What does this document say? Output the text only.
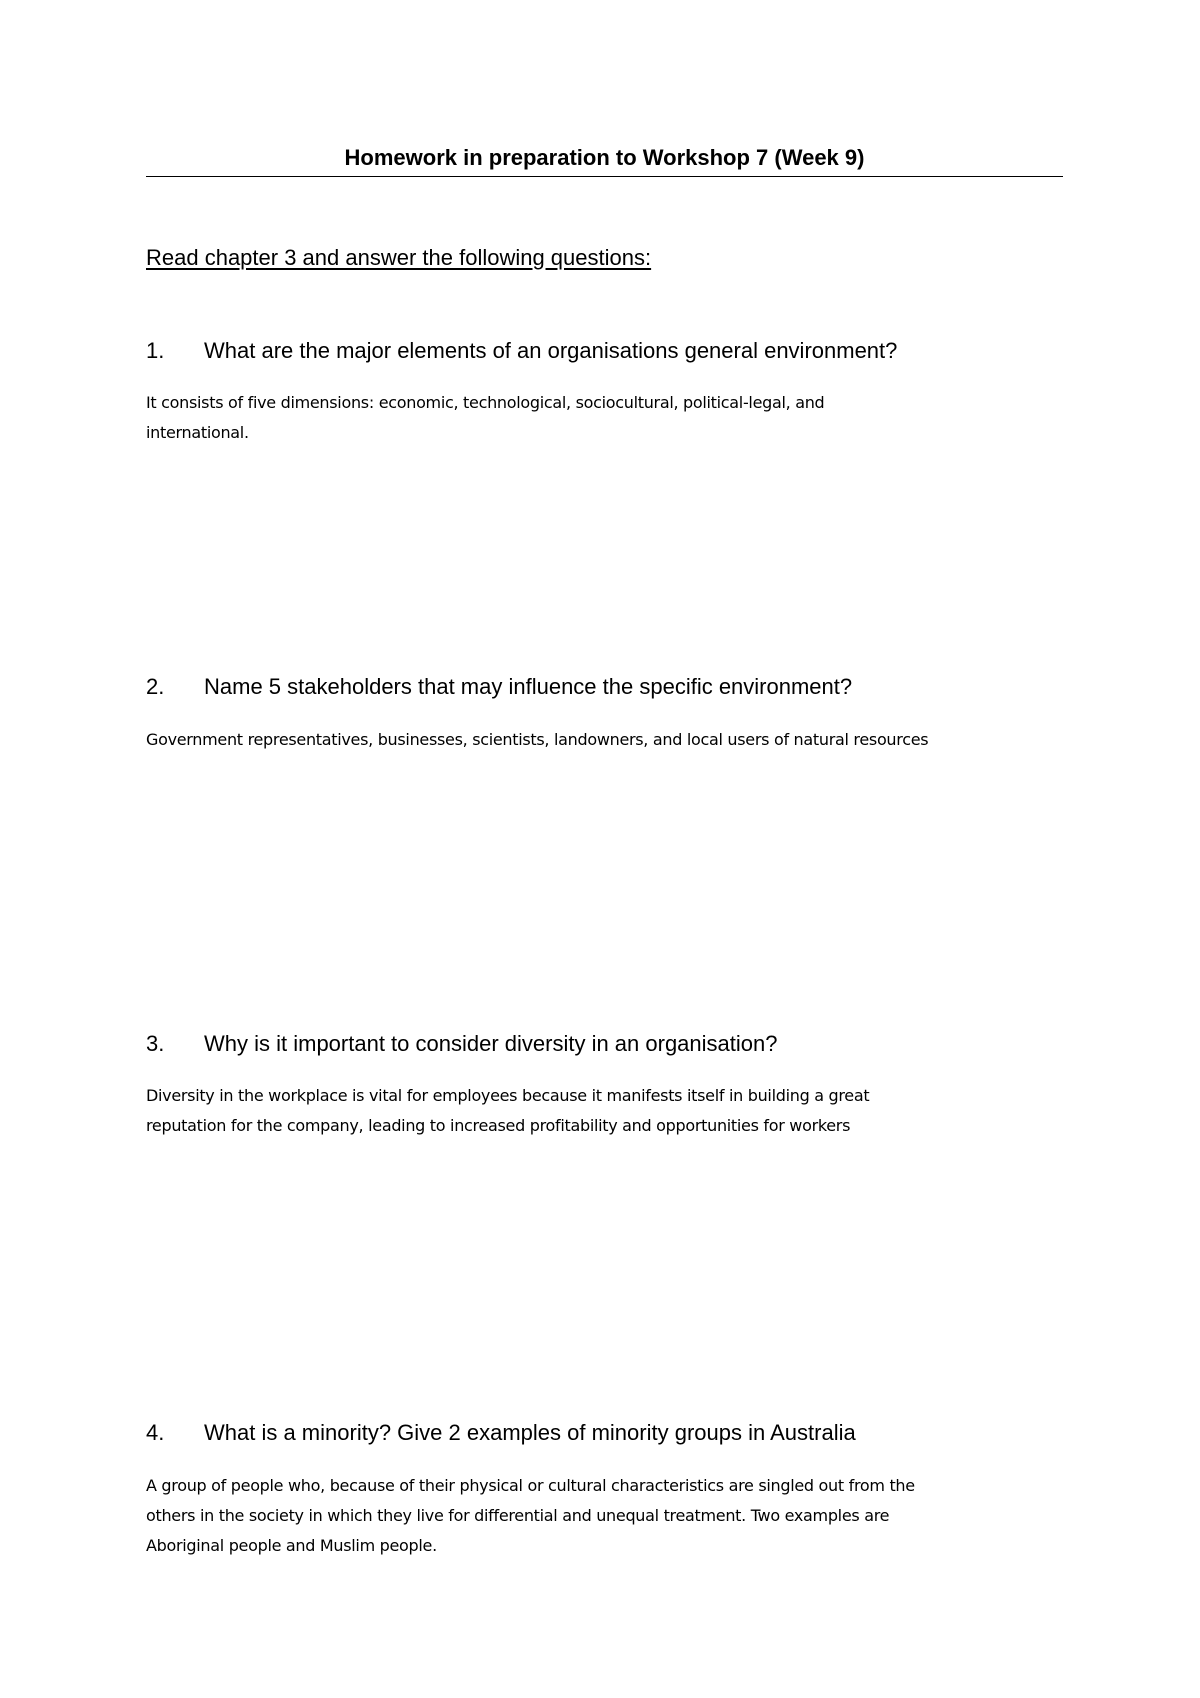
Homework in preparation to Workshop 7 (Week 9)
Read chapter 3 and answer the following questions:
1. What are the major elements of an organisations general environment?
It consists of five dimensions: economic, technological, sociocultural, political-legal, and
international.
2. Name 5 stakeholders that may influence the specific environment?
Government representatives, businesses, scientists, landowners, and local users of natural resources
3. Why is it important to consider diversity in an organisation?
Diversity in the workplace is vital for employees because it manifests itself in building a great
reputation for the company, leading to increased profitability and opportunities for workers
4. What is a minority? Give 2 examples of minority groups in Australia
A group of people who, because of their physical or cultural characteristics are singled out from the
others in the society in which they live for differential and unequal treatment. Two examples are
Aboriginal people and Muslim people.
